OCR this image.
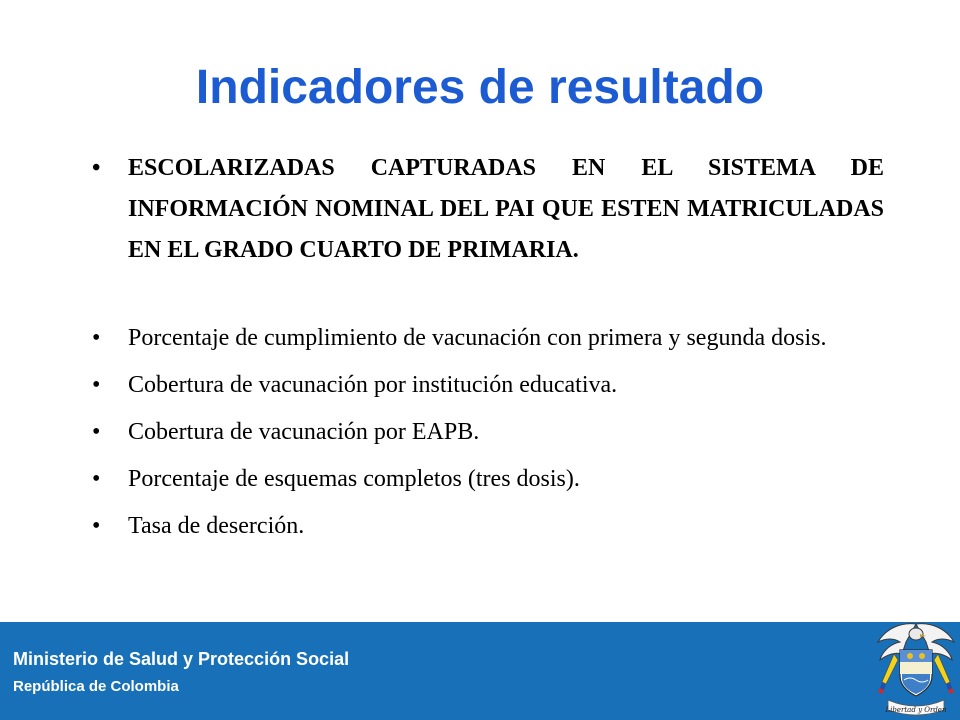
Indicadores de resultado
• ESCOLARIZADAS CAPTURADAS EN EL SISTEMA DE INFORMACIÓN NOMINAL DEL PAI QUE ESTEN MATRICULADAS EN EL GRADO CUARTO DE PRIMARIA.
• Porcentaje de cumplimiento de vacunación con primera y segunda dosis.
• Cobertura de vacunación por institución educativa.
• Cobertura de vacunación por EAPB.
• Porcentaje de esquemas completos (tres dosis).
• Tasa de deserción.
Ministerio de Salud y Protección Social
República de Colombia
Libertad y Orden
